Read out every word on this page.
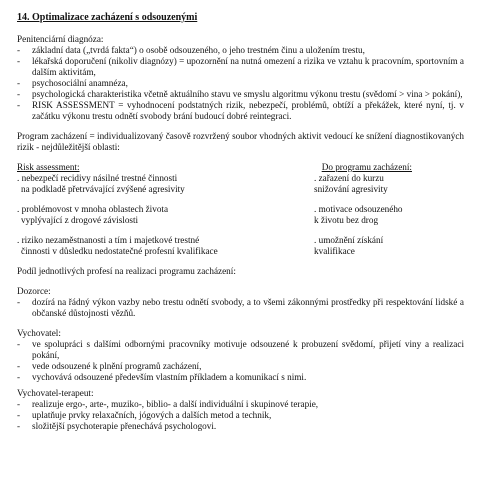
14. Optimalizace zacházení s odsouzenými

Penitenciární diagnóza:

- základní data („tvrdá fakta“) o osobě odsouzeného, o jeho trestném činu a uložením trestu,
- lékařská doporučení (nikoliv diagnózy) = upozornění na nutná omezení a rizika ve vztahu k pracovním, sportovním a dalším aktivitám,
- psychosociální anamnéza,
- psychologická charakteristika včetně aktuálního stavu ve smyslu algoritmu výkonu trestu (svědomí > vina > pokání),
- RISK ASSESSMENT = vyhodnocení podstatných rizik, nebezpečí, problémů, obtíží a překážek, které nyní, tj. v začátku výkonu trestu odnětí svobody brání budoucí dobré reintegraci.

Program zacházení = individualizovaný časově rozvržený soubor vhodných aktivit vedoucí ke snížení diagnostikovaných rizik - nejdůležitější oblasti:

Risk assessment:	Do programu zacházení:
. nebezpečí recidivy násilné trestné činnosti	. zařazení do kurzu
na podkladě přetrvávající zvýšené agresivity	snižování agresivity
. problémovost v mnoha oblastech života	. motivace odsouzeného
vyplývající z drogové závislosti	k životu bez drog
. riziko nezaměstnanosti a tím i majetkové trestné	. umožnění získání
činnosti v důsledku nedostatečné profesní kvalifikace	kvalifikace

Podíl jednotlivých profesí na realizaci programu zacházení:

Dozorce:

- dozírá na řádný výkon vazby nebo trestu odnětí svobody, a to všemi zákonnými prostředky při respektování lidské a občanské důstojnosti vězňů.

Vychovatel:

- ve spolupráci s dalšími odbornými pracovníky motivuje odsouzené k probuzení svědomí, přijetí viny a realizaci pokání,
- vede odsouzené k plnění programů zacházení,
- vychovává odsouzené především vlastním příkladem a komunikací s nimi.

Vychovatel-terapeut:

- realizuje ergo-, arte-, muziko-, biblio- a další individuální i skupinové terapie,
- uplatňuje prvky relaxačních, jógových a dalších metod a technik,
- složitější psychoterapie přenechává psychologovi.
